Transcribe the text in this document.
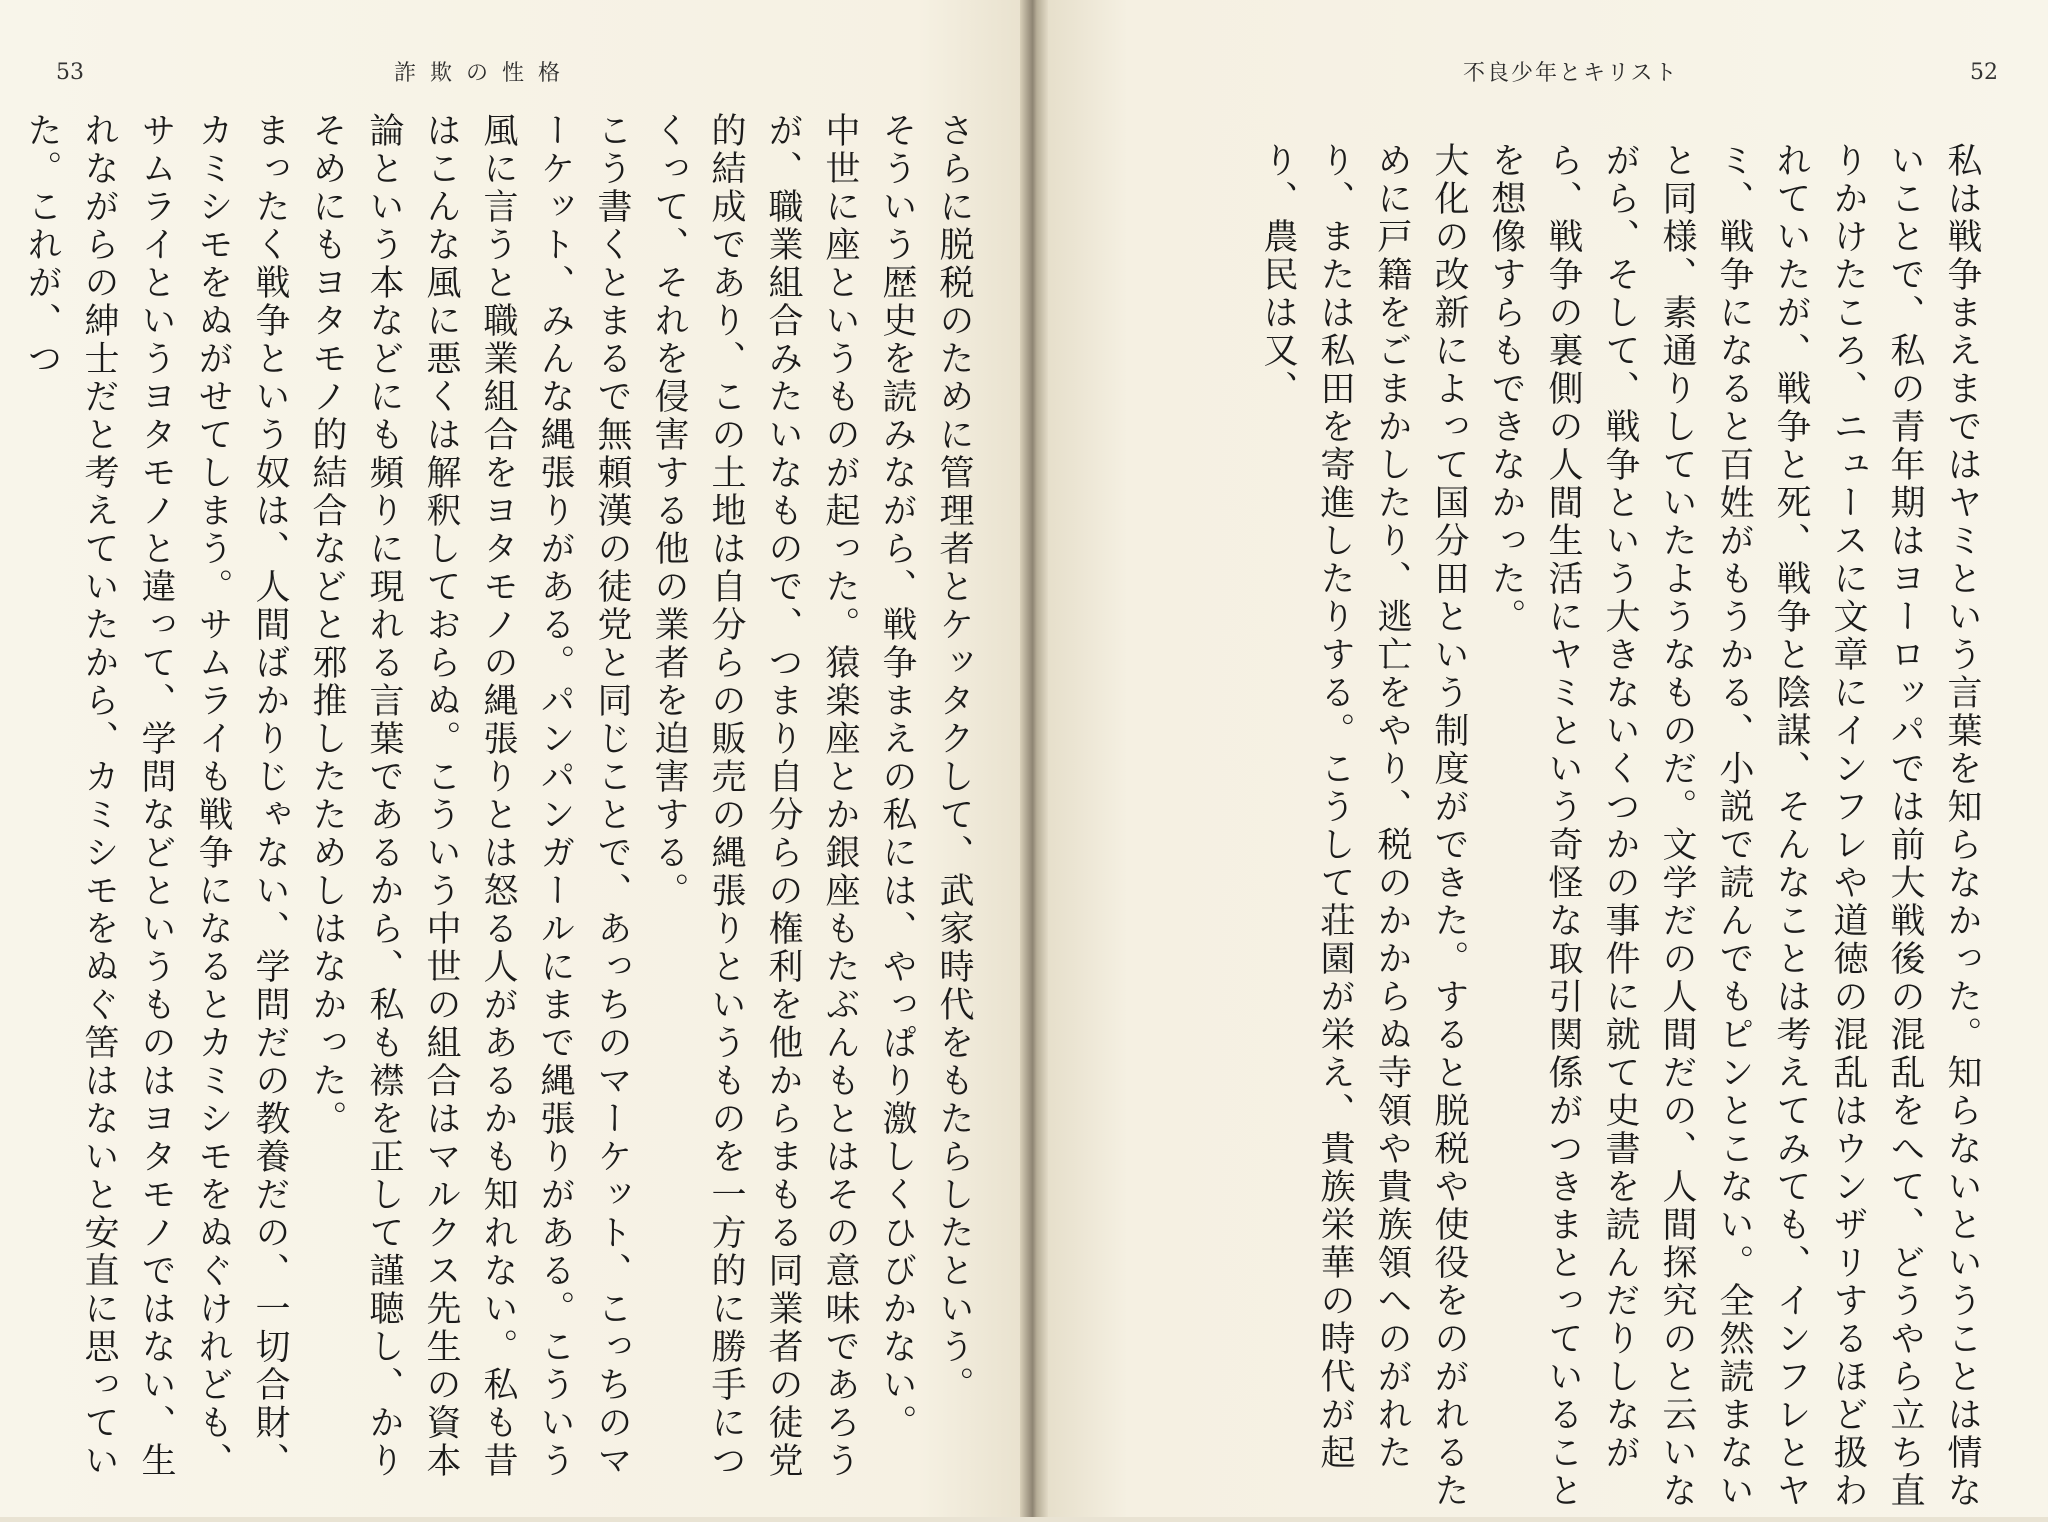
53	詐欺の性格

さらに脱税のために管理者とケッタクして、武家時代をもたらしたという。

そういう歴史を読みながら、戦争まえの私には、やっぱり激しくひびかない。

中世に座というものが起った。猿楽座とか銀座もたぶんもとはその意味であろうが、職業組合みたいなもので、つまり自分らの権利を他からまもる同業者の徒党的結成であり、この土地は自分らの販売の縄張りというものを一方的に勝手につくって、それを侵害する他の業者を迫害する。

こう書くとまるで無頼漢の徒党と同じことで、あっちのマーケット、こっちのマーケット、みんな縄張りがある。パンパンガールにまで縄張りがある。こういう風に言うと職業組合をヨタモノの縄張りとは怒る人があるかも知れない。私も昔はこんな風に悪くは解釈しておらぬ。こういう中世の組合はマルクス先生の資本論という本などにも頻りに現れる言葉であるから、私も襟を正して謹聴し、かりそめにもヨタモノ的結合などと邪推したためしはなかった。

まったく戦争という奴は、人間ばかりじゃない、学問だの教養だの、一切合財、カミシモをぬがせてしまう。サムライも戦争になるとカミシモをぬぐけれども、サムライというヨタモノと違って、学問などというものはヨタモノではない、生れながらの紳士だと考えていたから、カミシモをぬぐ筈はないと安直に思っていた。これが、つ

不良少年とキリスト	52

私は戦争まえまではヤミという言葉を知らなかった。知らないということは情ないことで、私の青年期はヨーロッパでは前大戦後の混乱をへて、どうやら立ち直りかけたころ、ニュースに文章にインフレや道徳の混乱はウンザリするほど扱われていたが、戦争と死、戦争と陰謀、そんなことは考えてみても、インフレとヤミ、戦争になると百姓がもうかる、小説で読んでもピンとこない。全然読まないと同様、素通りしていたようなものだ。文学だの人間だの、人間探究のと云いながら、そして、戦争という大きないくつかの事件に就て史書を読んだりしながら、戦争の裏側の人間生活にヤミという奇怪な取引関係がつきまとっていることを想像すらもできなかった。

大化の改新によって国分田という制度ができた。すると脱税や使役をのがれるために戸籍をごまかしたり、逃亡をやり、税のかからぬ寺領や貴族領へのがれたり、または私田を寄進したりする。こうして荘園が栄え、貴族栄華の時代が起り、農民は又、
